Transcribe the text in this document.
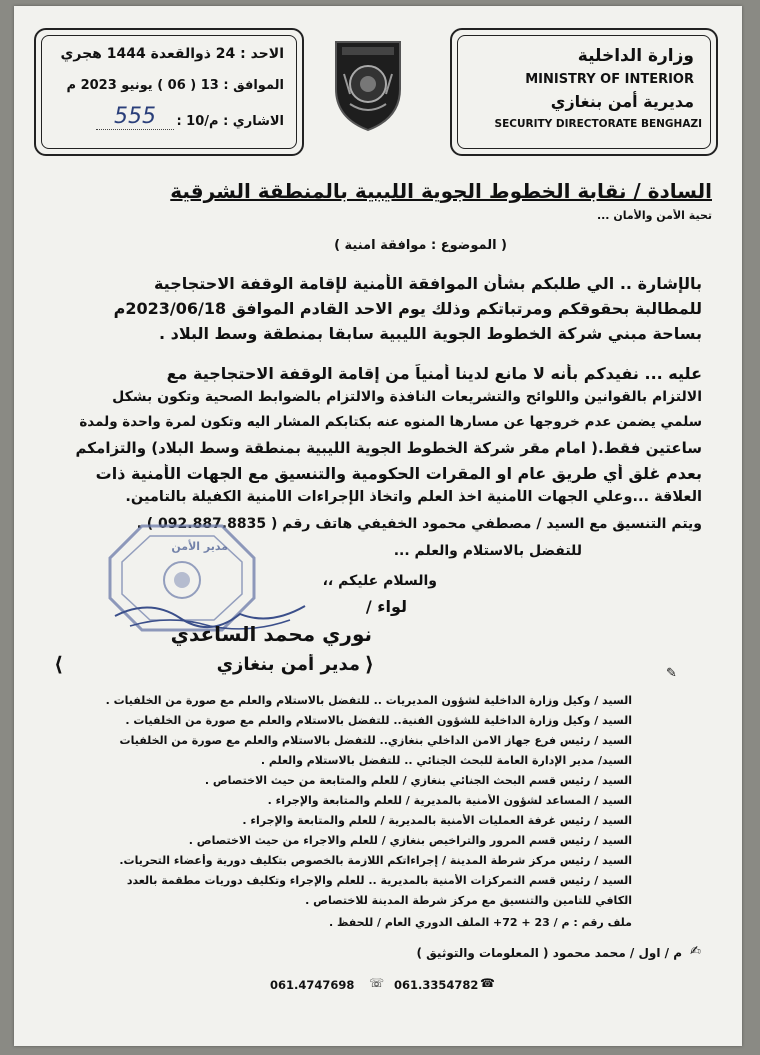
وزارة الداخلية
MINISTRY OF INTERIOR
مديرية أمن بنغازي
SECURITY DIRECTORATE BENGHAZI
الاحد : 24 ذوالقعدة 1444 هجري
الموافق : 13 ( 06 ) يونيو 2023 م
الاشاري : م/10 :
555
السادة / نقابة الخطوط الجوية الليبية بالمنطقة الشرقية
تحية الأمن والأمان ...
( الموضوع : موافقة امنية )
بالإشارة .. الي طلبكم بشأن الموافقة الأمنية لإقامة الوقفة الاحتجاجية
للمطالبة بحقوقكم ومرتباتكم وذلك يوم الاحد القادم الموافق 2023/06/18م
بساحة مبني شركة الخطوط الجوية الليبية سابقا بمنطقة وسط البلاد .
عليه ... نفيدكم بأنه لا مانع لدينا أمنياً من إقامة الوقفة الاحتجاجية مع
الالتزام بالقوانين واللوائح والتشريعات النافذة والالتزام بالضوابط الصحية وتكون بشكل
سلمي يضمن عدم خروجها عن مسارها المنوه عنه بكتابكم المشار اليه وتكون لمرة واحدة ولمدة
ساعتين فقط.( امام مقر شركة الخطوط الجوية الليبية بمنطقة وسط البلاد) والتزامكم
بعدم غلق أي طريق عام او المقرات الحكومية والتنسيق مع الجهات الأمنية ذات
العلاقة ...وعلي الجهات الأمنية اخذ العلم واتخاذ الإجراءات الأمنية الكفيلة بالتامين.
ويتم التنسيق مع السيد / مصطفي محمود الخفيفي هاتف رقم ( 092.887.8835 ) .
للتفضل بالاستلام والعلم ...
والسلام عليكم ،،
لواء /
مدير الأمن
نوري محمد الساعدي
⟨	⟩
مدير أمن بنغازي	✎
السيد / وكيل وزارة الداخلية لشؤون المديريات .. للتفضل بالاستلام والعلم مع صورة من الخلفيات .
السيد / وكيل وزارة الداخلية للشؤون الفنية.. للتفضل بالاستلام والعلم مع صورة من الخلفيات .
السيد / رئيس فرع جهاز الامن الداخلي بنغازي.. للتفضل بالاستلام والعلم مع صورة من الخلفيات
السيد/ مدير الإدارة العامة للبحث الجنائي .. للتفضل بالاستلام والعلم .
السيد / رئيس قسم البحث الجنائي بنغازي / للعلم والمتابعة من حيث الاختصاص .
السيد / المساعد لشؤون الأمنية بالمديرية / للعلم والمتابعة والإجراء .
السيد / رئيس غرفة العمليات الأمنية بالمديرية / للعلم والمتابعة والإجراء .
السيد / رئيس قسم المرور والتراخيص بنغازي / للعلم والاجراء من حيث الاختصاص .
السيد / رئيس مركز شرطة المدينة / إجراءاتكم اللازمة بالخصوص بتكليف دورية وأعضاء التحريات.
السيد / رئيس قسم التمركزات الأمنية بالمديرية .. للعلم والإجراء وتكليف دوريات مطقمة بالعدد
الكافي للتامين والتنسيق مع مركز شرطة المدينة للاختصاص .
ملف رقم : م / 23 + 72+ الملف الدوري العام / للحفظ .
✍
م / اول / محمد محمود ( المعلومات والتوثيق )
061.4747698 ☏ 061.3354782 ☎
